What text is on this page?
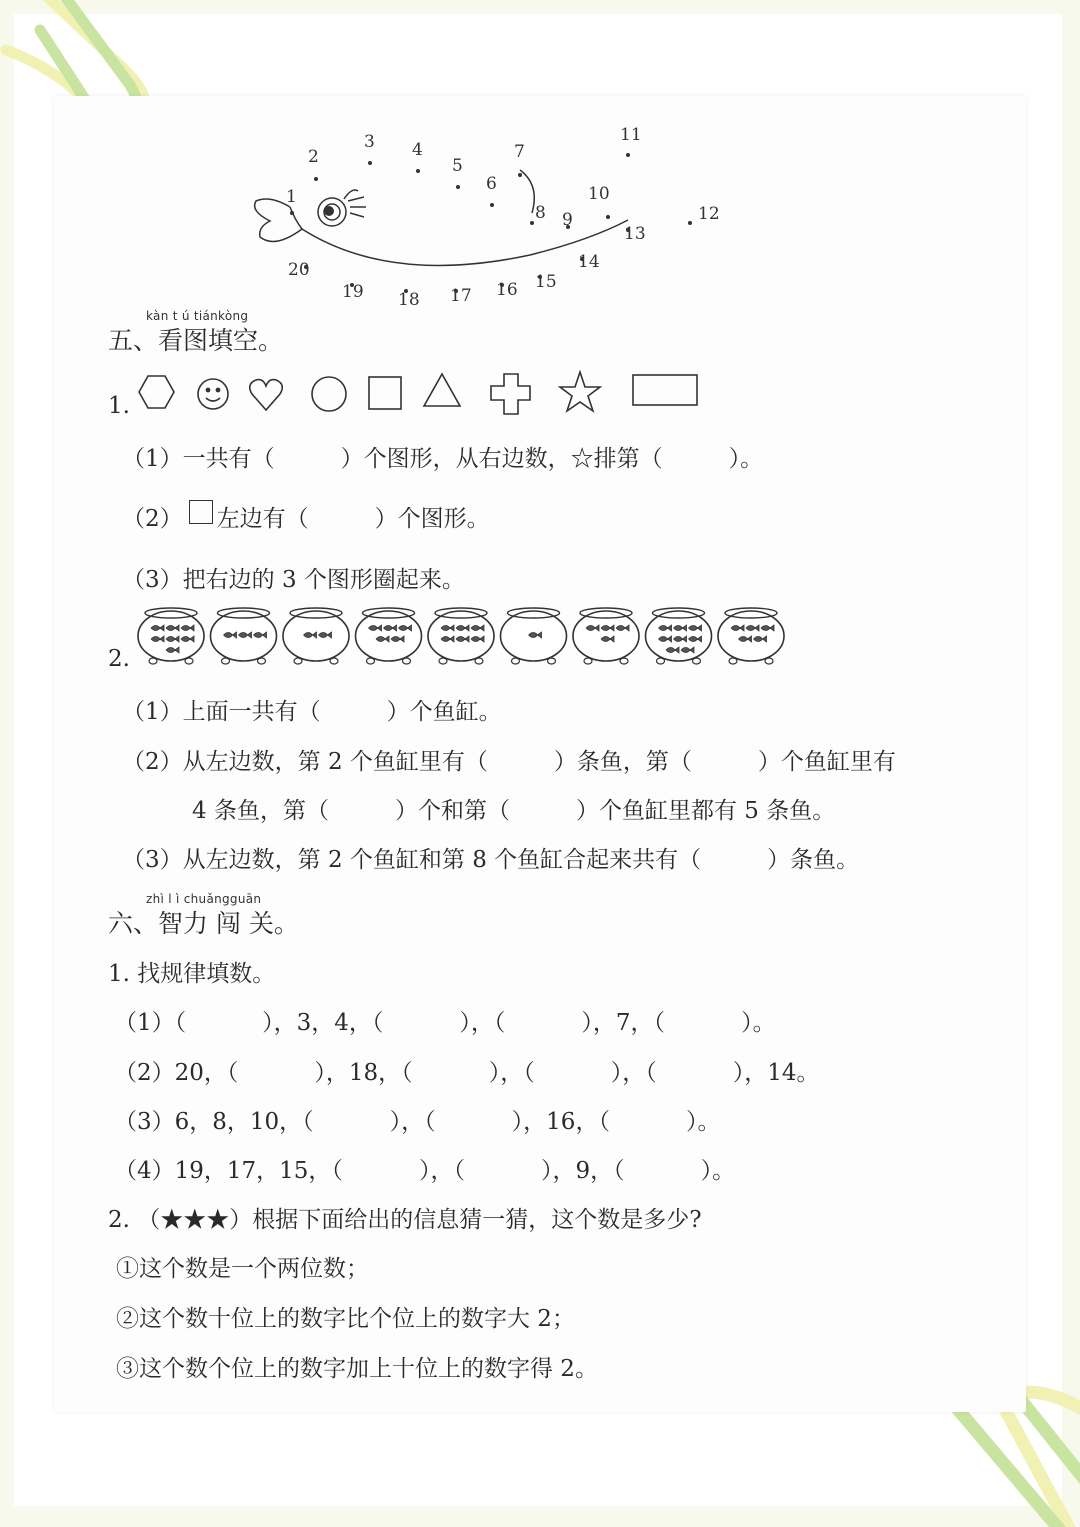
1
2
3 4
5
6
7
8 9
10
11
12
13
14
15
16
17
18
19
20
kàn t ú tiánkòng
五、看图填空。
1.
（1）一共有（	）个图形，从右边数，☆排第（	）。
（2） 左边有（	）个图形。
（3）把右边的 3 个图形圈起来。
2.
（1）上面一共有（	）个鱼缸。
（2）从左边数，第 2 个鱼缸里有（	）条鱼，第（	）个鱼缸里有
4 条鱼，第（	）个和第（	）个鱼缸里都有 5 条鱼。
（3）从左边数，第 2 个鱼缸和第 8 个鱼缸合起来共有（	）条鱼。
zhì l ì chuǎngguān
六、智力 闯 关。
1. 找规律填数。
（1）（	），3，4，（	），（	），7，（	）。
（2）20，（	），18，（	），（	），（	），14。
（3）6，8，10，（	），（	），16，（	）。
（4）19，17，15，（	），（	），9，（	）。
2. （★★★）根据下面给出的信息猜一猜，这个数是多少?
①这个数是一个两位数；
②这个数十位上的数字比个位上的数字大 2；
③这个数个位上的数字加上十位上的数字得 2。
